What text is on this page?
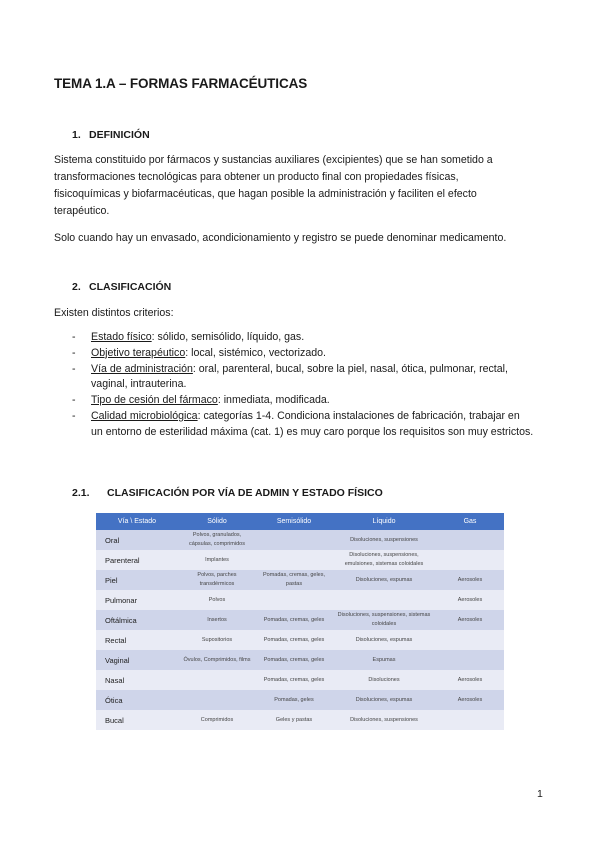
TEMA 1.A – FORMAS FARMACÉUTICAS
1. DEFINICIÓN
Sistema constituido por fármacos y sustancias auxiliares (excipientes) que se han sometido a transformaciones tecnológicas para obtener un producto final con propiedades físicas, fisicoquímicas y biofarmacéuticas, que hagan posible la administración y faciliten el efecto terapéutico.
Solo cuando hay un envasado, acondicionamiento y registro se puede denominar medicamento.
2. CLASIFICACIÓN
Existen distintos criterios:
- Estado físico: sólido, semisólido, líquido, gas.
- Objetivo terapéutico: local, sistémico, vectorizado.
- Vía de administración: oral, parenteral, bucal, sobre la piel, nasal, ótica, pulmonar, rectal, vaginal, intrauterina.
- Tipo de cesión del fármaco: inmediata, modificada.
- Calidad microbiológica: categorías 1-4. Condiciona instalaciones de fabricación, trabajar en un entorno de esterilidad máxima (cat. 1) es muy caro porque los requisitos son muy estrictos.
2.1. CLASIFICACIÓN POR VÍA DE ADMIN Y ESTADO FÍSICO
Vía \ Estado	Sólido	Semisólido	Líquido	Gas
Oral	Polvos, granulados, cápsulas, comprimidos		Disoluciones, suspensiones	
Parenteral	Implantes		Disoluciones, suspensiones, emulsiones, sistemas coloidales	
Piel	Polvos, parches transdérmicos	Pomadas, cremas, geles, pastas	Disoluciones, espumas	Aerosoles
Pulmonar	Polvos			Aerosoles
Oftálmica	Insertos	Pomadas, cremas, geles	Disoluciones, suspensiones, sistemas coloidales	Aerosoles
Rectal	Supositorios	Pomadas, cremas, geles	Disoluciones, espumas	
Vaginal	Óvulos, Comprimidos, films	Pomadas, cremas, geles	Espumas	
Nasal		Pomadas, cremas, geles	Disoluciones	Aerosoles
Ótica		Pomadas, geles	Disoluciones, espumas	Aerosoles
Bucal	Comprimidos	Geles y pastas	Disoluciones, suspensiones	
1
